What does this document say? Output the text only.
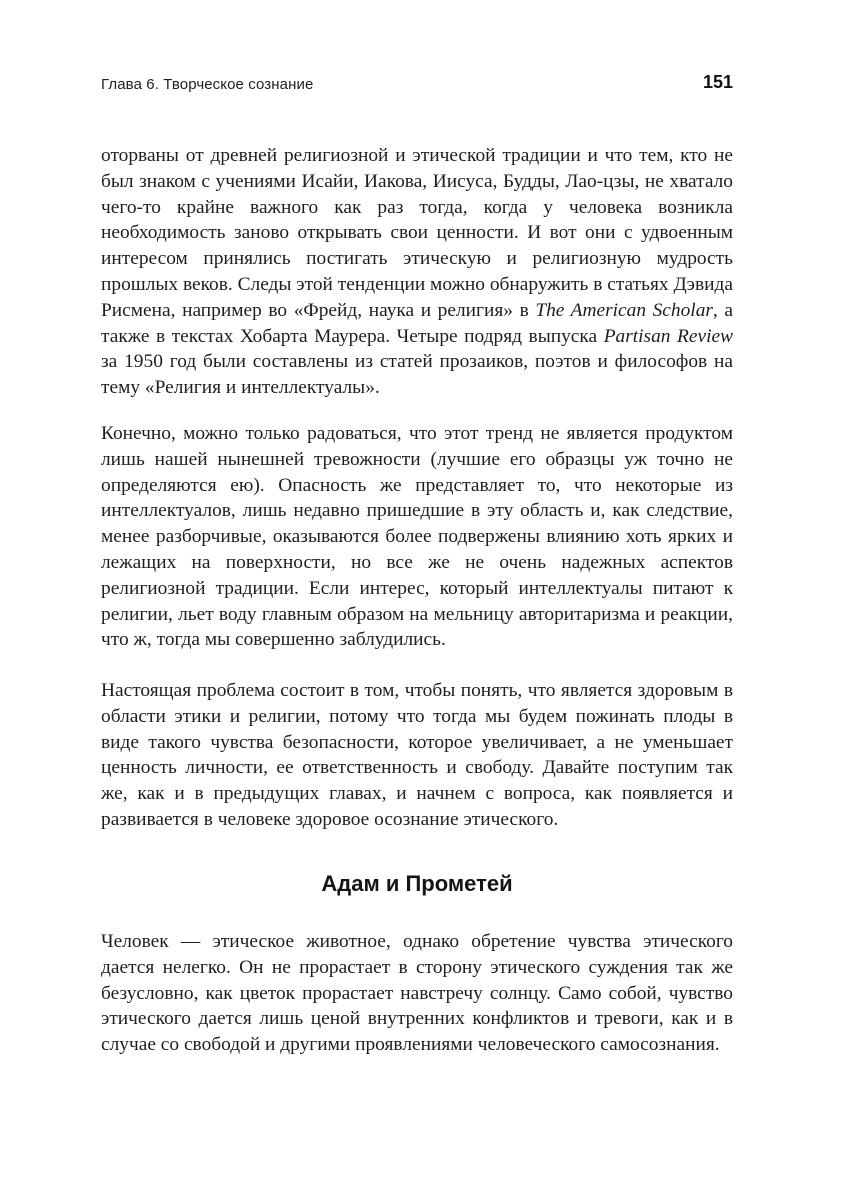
Глава 6. Творческое сознание	151

оторваны от древней религиозной и этической традиции и что тем, кто не был знаком с учениями Исайи, Иакова, Иисуса, Будды, Лао-цзы, не хватало чего-то крайне важного как раз тогда, когда у человека возникла необходимость заново открывать свои ценности. И вот они с удвоенным интересом принялись постигать этическую и религиозную мудрость прошлых веков. Следы этой тенденции можно обнаружить в статьях Дэвида Рисмена, например во «Фрейд, наука и религия» в The American Scholar, а также в текстах Хобарта Маурера. Четыре подряд выпуска Partisan Review за 1950 год были составлены из статей прозаиков, поэтов и философов на тему «Религия и интеллектуалы».

Конечно, можно только радоваться, что этот тренд не является продуктом лишь нашей нынешней тревожности (лучшие его образцы уж точно не определяются ею). Опасность же представляет то, что некоторые из интеллектуалов, лишь недавно пришедшие в эту область и, как следствие, менее разборчивые, оказываются более подвержены влиянию хоть ярких и лежащих на поверхности, но все же не очень надежных аспектов религиозной традиции. Если интерес, который интеллектуалы питают к религии, льет воду главным образом на мельницу авторитаризма и реакции, что ж, тогда мы совершенно заблудились.

Настоящая проблема состоит в том, чтобы понять, что является здоровым в области этики и религии, потому что тогда мы будем пожинать плоды в виде такого чувства безопасности, которое увеличивает, а не уменьшает ценность личности, ее ответственность и свободу. Давайте поступим так же, как и в предыдущих главах, и начнем с вопроса, как появляется и развивается в человеке здоровое осознание этического.

Адам и Прометей

Человек — этическое животное, однако обретение чувства этического дается нелегко. Он не прорастает в сторону этического суждения так же безусловно, как цветок прорастает навстречу солнцу. Само собой, чувство этического дается лишь ценой внутренних конфликтов и тревоги, как и в случае со свободой и другими проявлениями человеческого самосознания.
